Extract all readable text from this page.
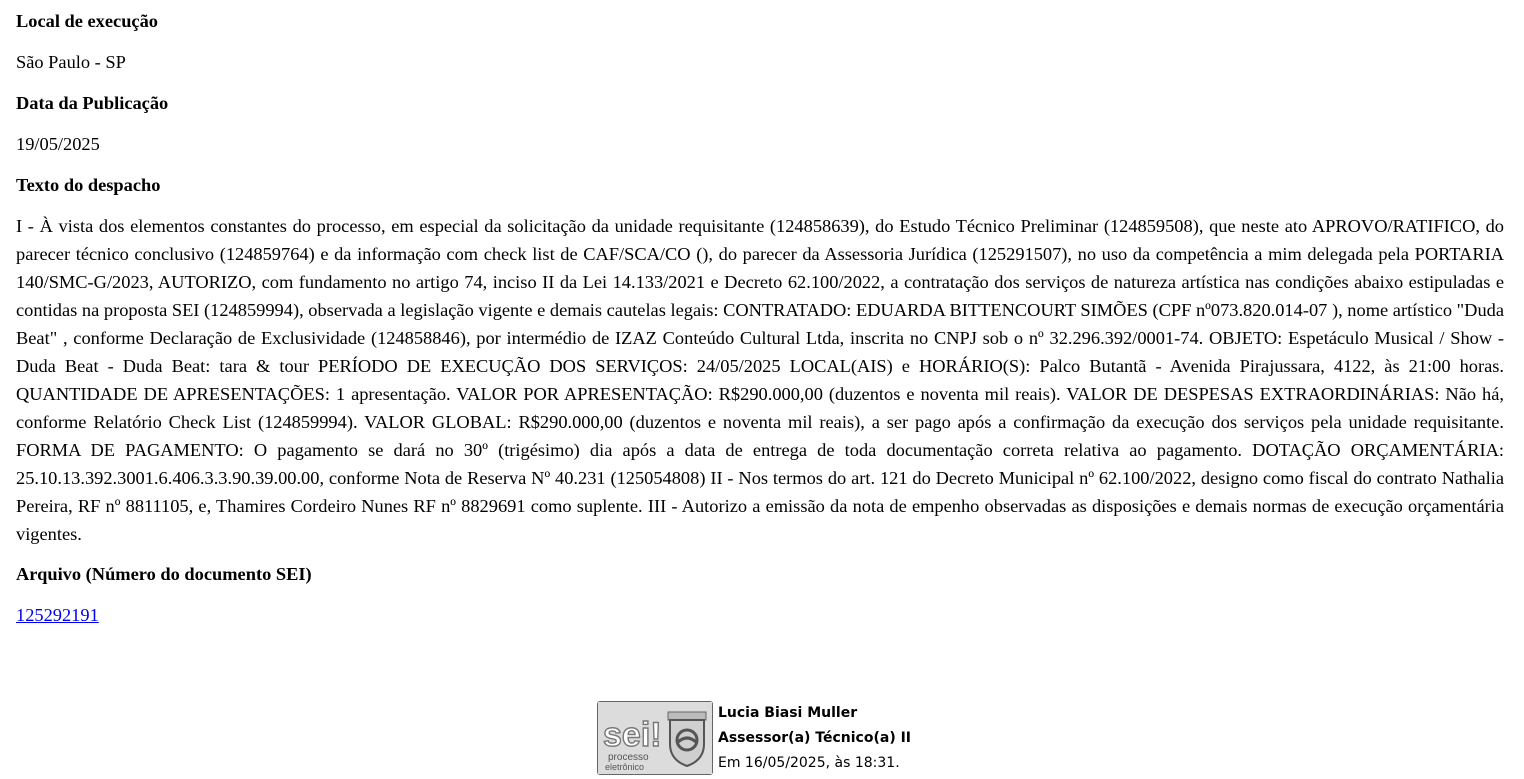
Local de execução
São Paulo - SP
Data da Publicação
19/05/2025
Texto do despacho
I - À vista dos elementos constantes do processo, em especial da solicitação da unidade requisitante (124858639), do Estudo Técnico Preliminar (124859508), que neste ato APROVO/RATIFICO, do parecer técnico conclusivo (124859764) e da informação com check list de CAF/SCA/CO (), do parecer da Assessoria Jurídica (125291507), no uso da competência a mim delegada pela PORTARIA 140/SMC-G/2023, AUTORIZO, com fundamento no artigo 74, inciso II da Lei 14.133/2021 e Decreto 62.100/2022, a contratação dos serviços de natureza artística nas condições abaixo estipuladas e contidas na proposta SEI (124859994), observada a legislação vigente e demais cautelas legais: CONTRATADO: EDUARDA BITTENCOURT SIMÕES (CPF nº073.820.014-07 ), nome artístico "Duda Beat" , conforme Declaração de Exclusividade (124858846), por intermédio de IZAZ Conteúdo Cultural Ltda, inscrita no CNPJ sob o nº 32.296.392/0001-74. OBJETO: Espetáculo Musical / Show - Duda Beat - Duda Beat: tara & tour PERÍODO DE EXECUÇÃO DOS SERVIÇOS: 24/05/2025 LOCAL(AIS) e HORÁRIO(S): Palco Butantã - Avenida Pirajussara, 4122, às 21:00 horas. QUANTIDADE DE APRESENTAÇÕES: 1 apresentação. VALOR POR APRESENTAÇÃO: R$290.000,00 (duzentos e noventa mil reais). VALOR DE DESPESAS EXTRAORDINÁRIAS: Não há, conforme Relatório Check List (124859994). VALOR GLOBAL: R$290.000,00 (duzentos e noventa mil reais), a ser pago após a confirmação da execução dos serviços pela unidade requisitante. FORMA DE PAGAMENTO: O pagamento se dará no 30º (trigésimo) dia após a data de entrega de toda documentação correta relativa ao pagamento. DOTAÇÃO ORÇAMENTÁRIA: 25.10.13.392.3001.6.406.3.3.90.39.00.00, conforme Nota de Reserva Nº 40.231 (125054808) II - Nos termos do art. 121 do Decreto Municipal nº 62.100/2022, designo como fiscal do contrato Nathalia Pereira, RF nº 8811105, e, Thamires Cordeiro Nunes RF nº 8829691 como suplente. III - Autorizo a emissão da nota de empenho observadas as disposições e demais normas de execução orçamentária vigentes.
Arquivo (Número do documento SEI)
125292191
sei!
processo
eletrônico
Lucia Biasi Muller
Assessor(a) Técnico(a) II
Em 16/05/2025, às 18:31.
